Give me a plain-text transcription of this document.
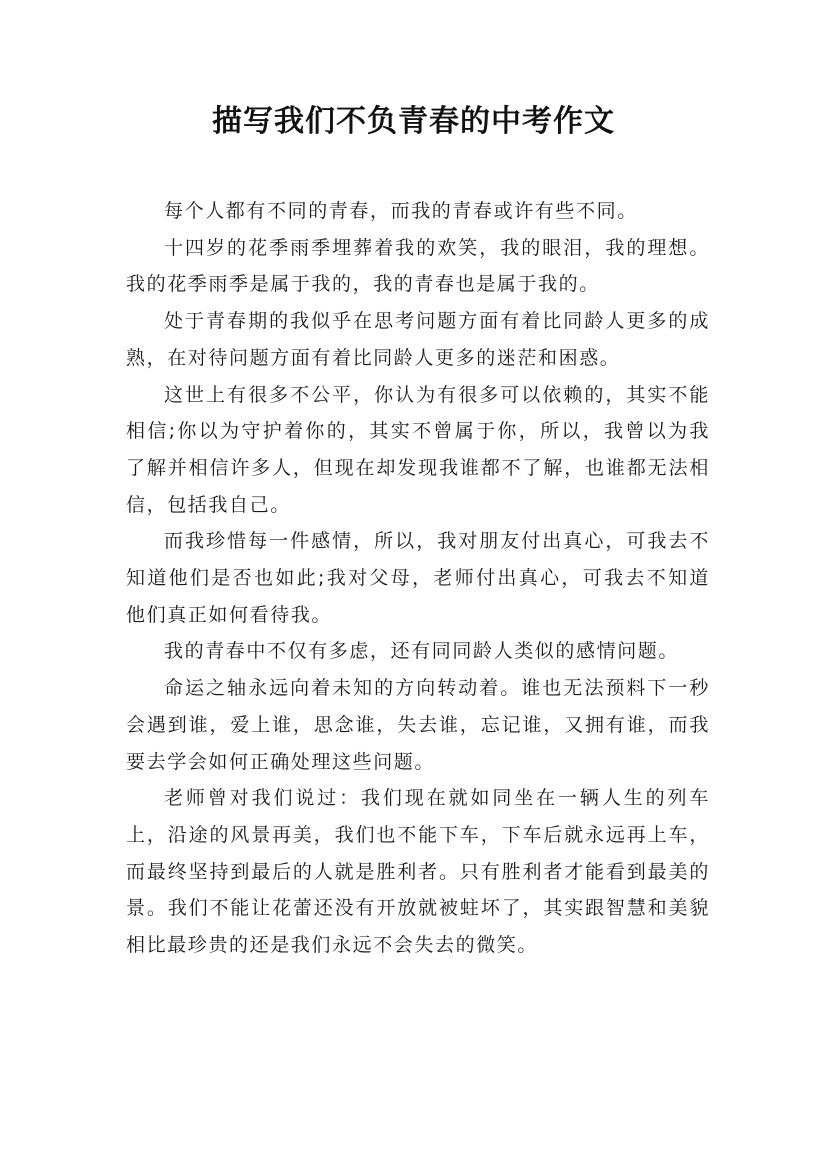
描写我们不负青春的中考作文

每个人都有不同的青春，而我的青春或许有些不同。

十四岁的花季雨季埋葬着我的欢笑，我的眼泪，我的理想。我的花季雨季是属于我的，我的青春也是属于我的。

处于青春期的我似乎在思考问题方面有着比同龄人更多的成熟，在对待问题方面有着比同龄人更多的迷茫和困惑。

这世上有很多不公平，你认为有很多可以依赖的，其实不能相信;你以为守护着你的，其实不曾属于你，所以，我曾以为我了解并相信许多人，但现在却发现我谁都不了解，也谁都无法相信，包括我自己。

而我珍惜每一件感情，所以，我对朋友付出真心，可我去不知道他们是否也如此;我对父母，老师付出真心，可我去不知道他们真正如何看待我。

我的青春中不仅有多虑，还有同同龄人类似的感情问题。

命运之轴永远向着未知的方向转动着。谁也无法预料下一秒会遇到谁，爱上谁，思念谁，失去谁，忘记谁，又拥有谁，而我要去学会如何正确处理这些问题。

老师曾对我们说过：我们现在就如同坐在一辆人生的列车上，沿途的风景再美，我们也不能下车，下车后就永远再上车，而最终坚持到最后的人就是胜利者。只有胜利者才能看到最美的景。我们不能让花蕾还没有开放就被蛀坏了，其实跟智慧和美貌相比最珍贵的还是我们永远不会失去的微笑。
